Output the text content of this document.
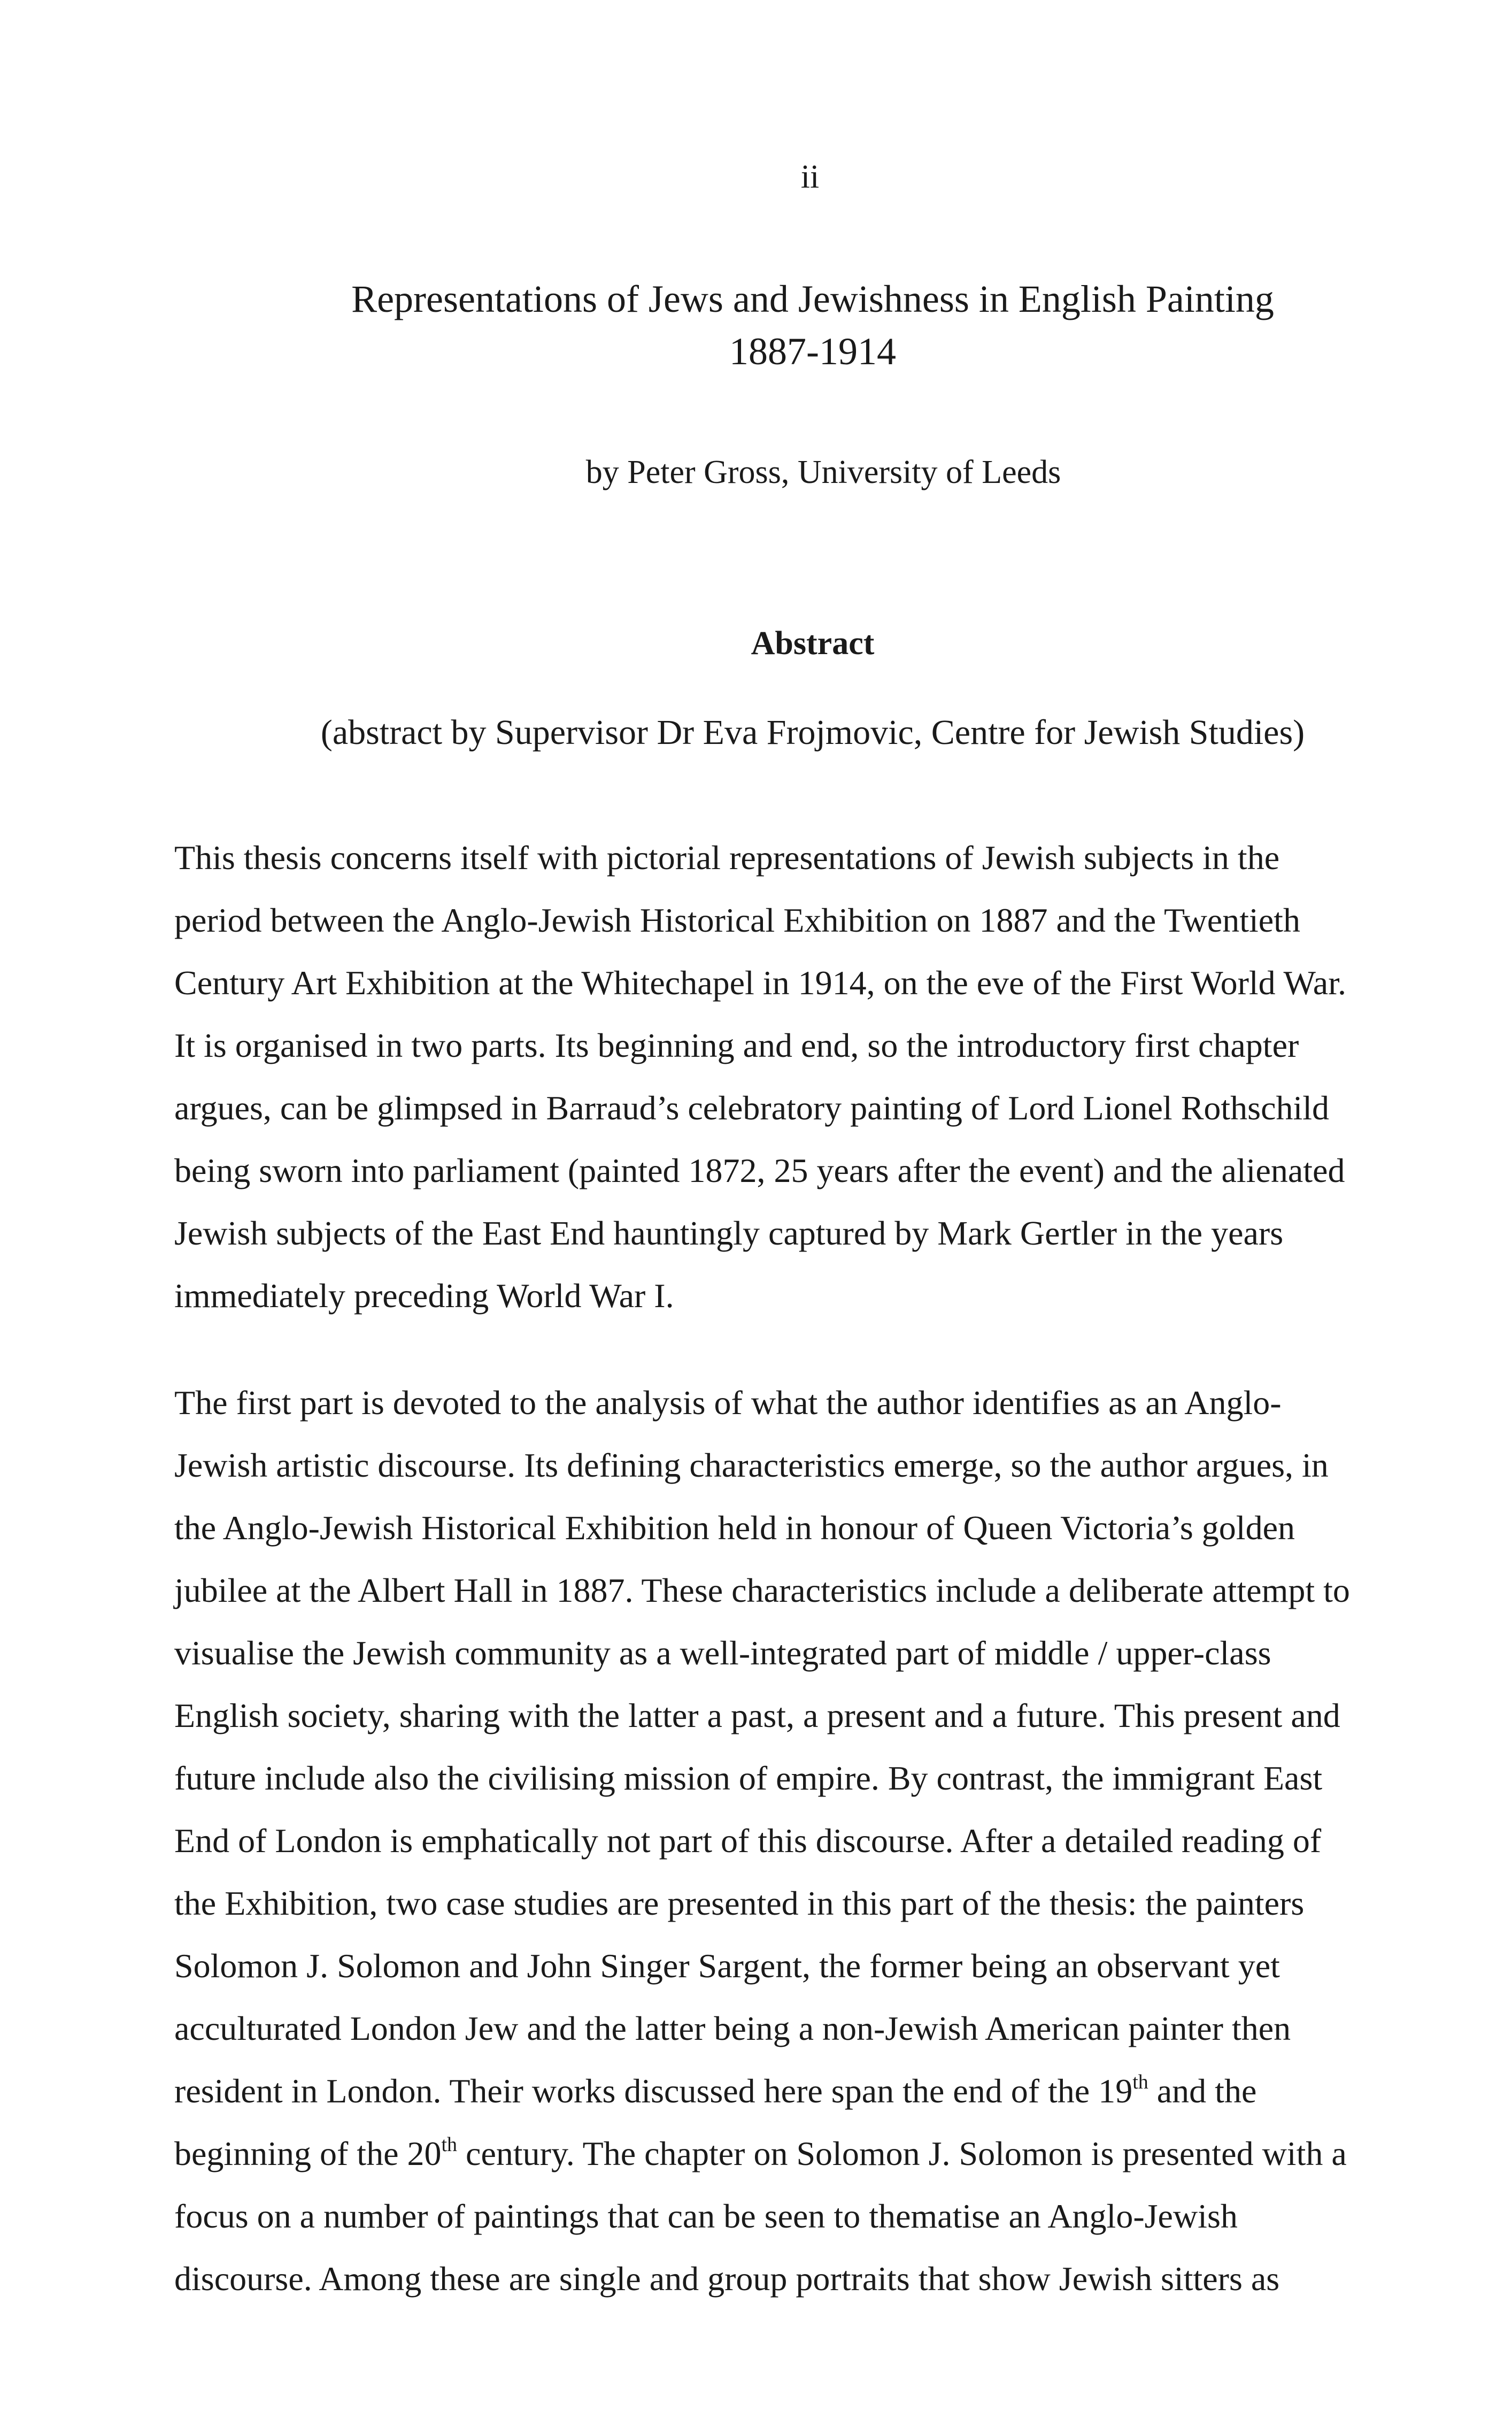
ii
Representations of Jews and Jewishness in English Painting
1887-1914
by Peter Gross, University of Leeds
Abstract
(abstract by Supervisor Dr Eva Frojmovic, Centre for Jewish Studies)
This thesis concerns itself with pictorial representations of Jewish subjects in the
period between the Anglo-Jewish Historical Exhibition on 1887 and the Twentieth
Century Art Exhibition at the Whitechapel in 1914, on the eve of the First World War.
It is organised in two parts. Its beginning and end, so the introductory first chapter
argues, can be glimpsed in Barraud’s celebratory painting of Lord Lionel Rothschild
being sworn into parliament (painted 1872, 25 years after the event) and the alienated
Jewish subjects of the East End hauntingly captured by Mark Gertler in the years
immediately preceding World War I.
The first part is devoted to the analysis of what the author identifies as an Anglo-
Jewish artistic discourse. Its defining characteristics emerge, so the author argues, in
the Anglo-Jewish Historical Exhibition held in honour of Queen Victoria’s golden
jubilee at the Albert Hall in 1887. These characteristics include a deliberate attempt to
visualise the Jewish community as a well-integrated part of middle / upper-class
English society, sharing with the latter a past, a present and a future. This present and
future include also the civilising mission of empire. By contrast, the immigrant East
End of London is emphatically not part of this discourse. After a detailed reading of
the Exhibition, two case studies are presented in this part of the thesis: the painters
Solomon J. Solomon and John Singer Sargent, the former being an observant yet
acculturated London Jew and the latter being a non-Jewish American painter then
resident in London. Their works discussed here span the end of the 19th and the
beginning of the 20th century. The chapter on Solomon J. Solomon is presented with a
focus on a number of paintings that can be seen to thematise an Anglo-Jewish
discourse. Among these are single and group portraits that show Jewish sitters as
